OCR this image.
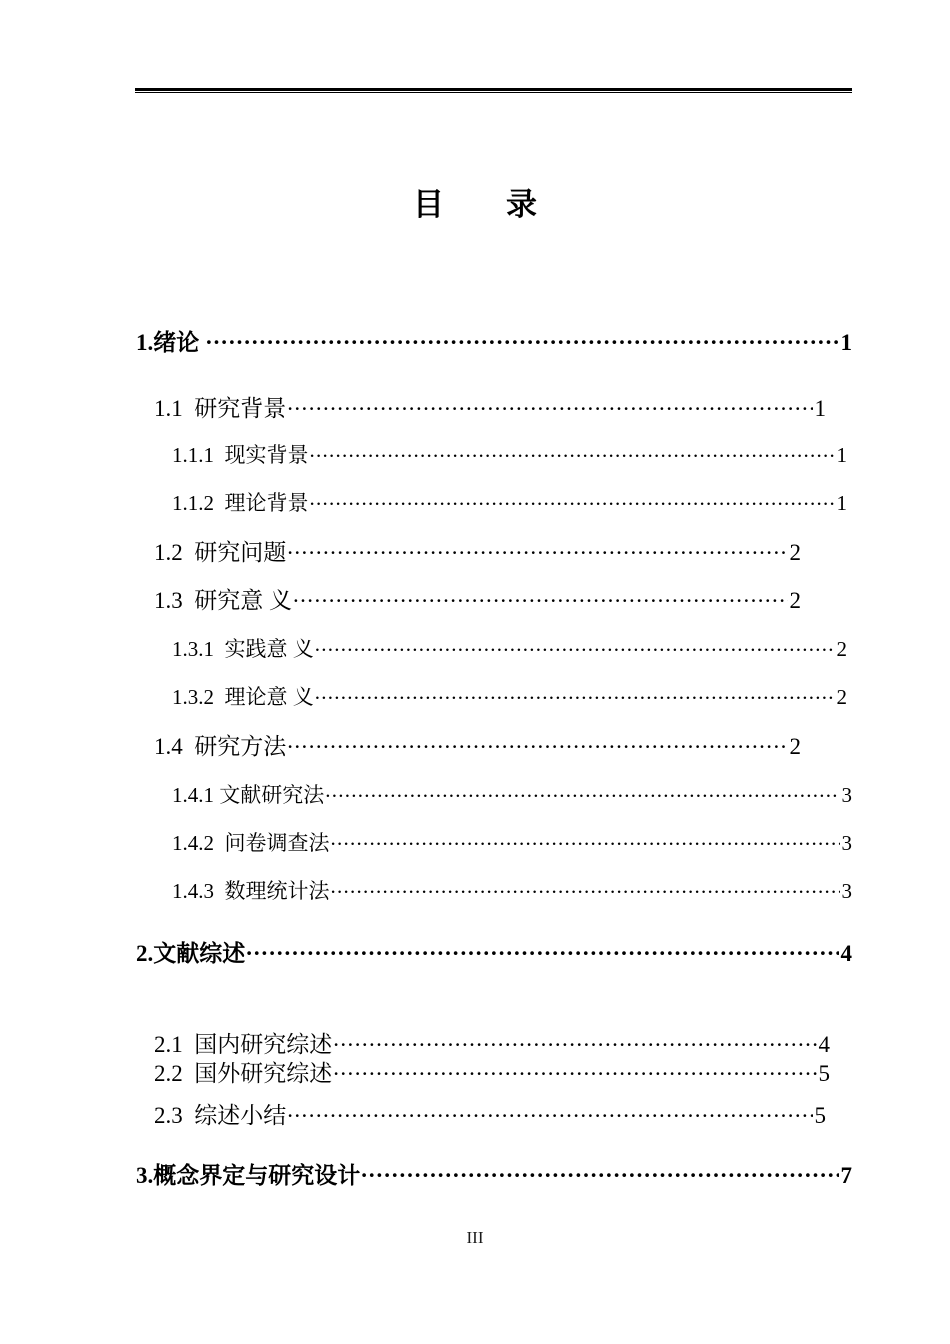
目        录
1.绪论 .....	1
1.1  研究背景 .....	1
1.1.1  现实背景 .....	1
1.1.2  理论背景 .....	1
1.2  研究问题 .....	2
1.3  研究意 义 .....	2
1.3.1  实践意 义 .....	2
1.3.2  理论意 义 .....	2
1.4  研究方法 .....	2
1.4.1 文献研究法 .....	3
1.4.2  问卷调查法 .....	3
1.4.3  数理统计法 .....	3
2.文献综述 .....	4
2.1  国内研究综述 .....	4
2.2  国外研究综述 .....	5
2.3  综述小结 .....	5
3.概念界定与研究设计 .....	7
III
